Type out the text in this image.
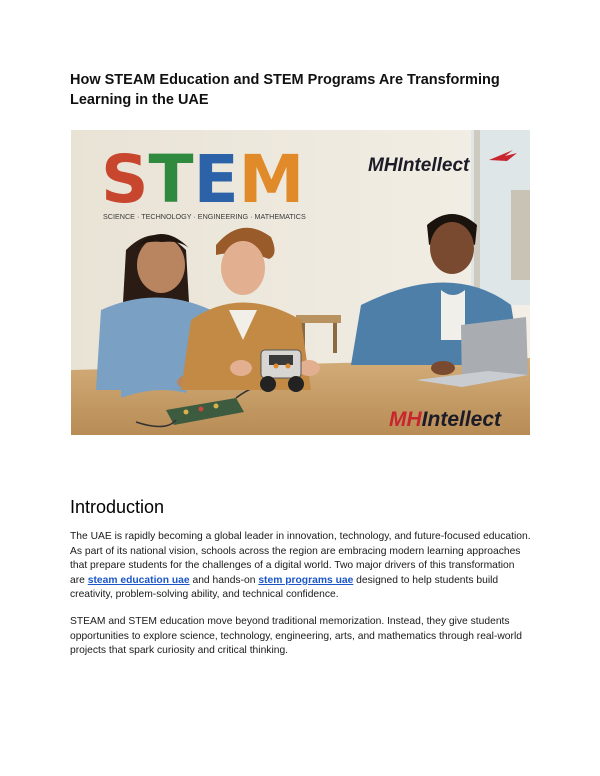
How STEAM Education and STEM Programs Are Transforming Learning in the UAE
STEM
SCIENCE · TECHNOLOGY · ENGINEERING · MATHEMATICS
MHIntellect
MHIntellect
Introduction

The UAE is rapidly becoming a global leader in innovation, technology, and future-focused education. As part of its national vision, schools across the region are embracing modern learning approaches that prepare students for the challenges of a digital world. Two major drivers of this transformation are steam education uae and hands-on stem programs uae designed to help students build creativity, problem-solving ability, and technical confidence.

STEAM and STEM education move beyond traditional memorization. Instead, they give students opportunities to explore science, technology, engineering, arts, and mathematics through real-world projects that spark curiosity and critical thinking.
